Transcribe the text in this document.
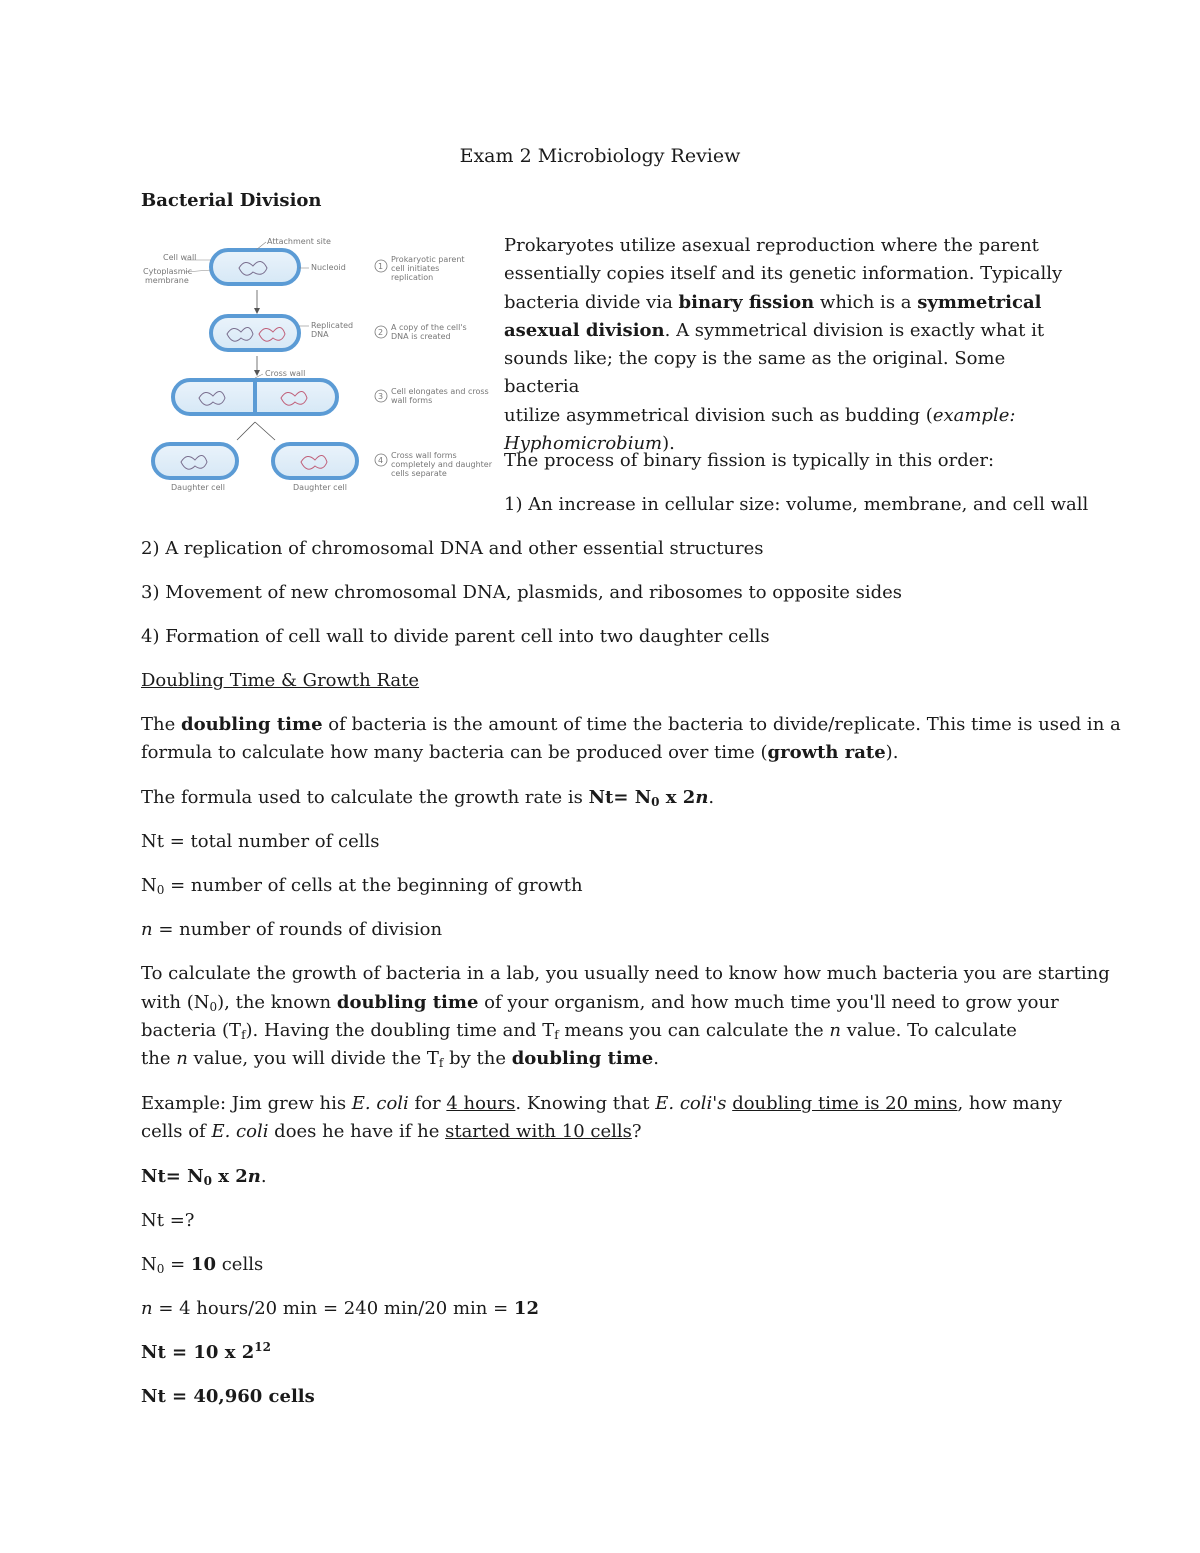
Exam 2 Microbiology Review
Bacterial Division
Attachment site
Cell wall
Cytoplasmic
membrane
Nucleoid	1
Prokaryotic parent
cell initiates
replication
Replicated
DNA	2
A copy of the cell's
DNA is created
Cross wall
3
Cell elongates and cross
wall forms
Daughter cell	Daughter cell
4
Cross wall forms
completely and daughter
cells separate

Prokaryotes utilize asexual reproduction where the parent

essentially copies itself and its genetic information. Typically

bacteria divide via binary fission which is a symmetrical

asexual division. A symmetrical division is exactly what it

sounds like; the copy is the same as the original. Some bacteria

utilize asymmetrical division such as budding (example:

Hyphomicrobium).

The process of binary fission is typically in this order:
1) An increase in cellular size: volume, membrane, and cell wall
2) A replication of chromosomal DNA and other essential structures
3) Movement of new chromosomal DNA, plasmids, and ribosomes to opposite sides
4) Formation of cell wall to divide parent cell into two daughter cells
Doubling Time & Growth Rate
The doubling time of bacteria is the amount of time the bacteria to divide/replicate. This time is used in a
formula to calculate how many bacteria can be produced over time (growth rate).
The formula used to calculate the growth rate is $Nt= N_0$ x 2n.
Nt = total number of cells
$N_0$ = number of cells at the beginning of growth
n = number of rounds of division
To calculate the growth of bacteria in a lab, you usually need to know how much bacteria you are starting
with $(N_0)$, the known doubling time of your organism, and how much time you'll need to grow your
bacteria $(T_f)$. Having the doubling time and $T_f$ means you can calculate the n value. To calculate
the n value, you will divide the $T_f$ by the doubling time.
Example: Jim grew his E. coli for 4 hours. Knowing that E. coli's doubling time is 20 mins, how many
cells of E. coli does he have if he started with 10 cells?
$Nt= N_0$ x 2n.
Nt =?
$N_0 = 10$ cells
n = 4 hours/20 min = 240 min/20 min = 12
Nt = 10 x $2^{12}$
Nt = 40,960 cells
